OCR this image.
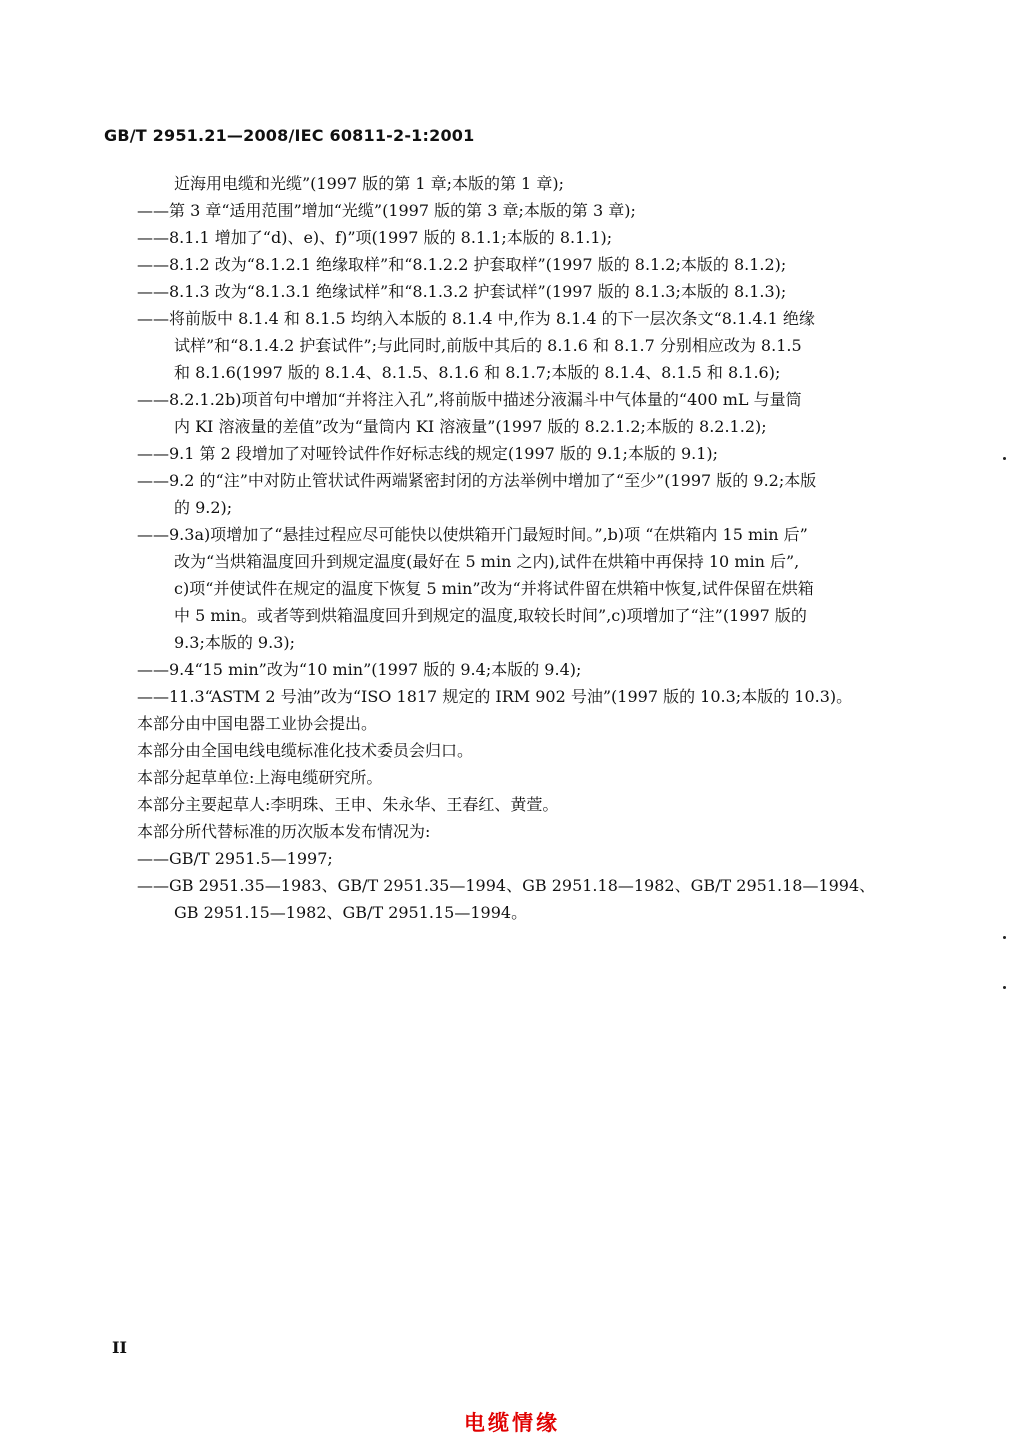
GB/T 2951.21—2008/IEC 60811-2-1:2001
近海用电缆和光缆”(1997 版的第 1 章;本版的第 1 章);
——第 3 章“适用范围”增加“光缆”(1997 版的第 3 章;本版的第 3 章);
——8.1.1 增加了“d)、e)、f)”项(1997 版的 8.1.1;本版的 8.1.1);
——8.1.2 改为“8.1.2.1 绝缘取样”和“8.1.2.2 护套取样”(1997 版的 8.1.2;本版的 8.1.2);
——8.1.3 改为“8.1.3.1 绝缘试样”和“8.1.3.2 护套试样”(1997 版的 8.1.3;本版的 8.1.3);
——将前版中 8.1.4 和 8.1.5 均纳入本版的 8.1.4 中,作为 8.1.4 的下一层次条文“8.1.4.1 绝缘
试样”和“8.1.4.2 护套试件”;与此同时,前版中其后的 8.1.6 和 8.1.7 分别相应改为 8.1.5
和 8.1.6(1997 版的 8.1.4、8.1.5、8.1.6 和 8.1.7;本版的 8.1.4、8.1.5 和 8.1.6);
——8.2.1.2b)项首句中增加“并将注入孔”,将前版中描述分液漏斗中气体量的“400 mL 与量筒
内 KI 溶液量的差值”改为“量筒内 KI 溶液量”(1997 版的 8.2.1.2;本版的 8.2.1.2);
——9.1 第 2 段增加了对哑铃试件作好标志线的规定(1997 版的 9.1;本版的 9.1);
——9.2 的“注”中对防止管状试件两端紧密封闭的方法举例中增加了“至少”(1997 版的 9.2;本版
的 9.2);
——9.3a)项增加了“悬挂过程应尽可能快以使烘箱开门最短时间。”,b)项 “在烘箱内 15 min 后”
改为“当烘箱温度回升到规定温度(最好在 5 min 之内),试件在烘箱中再保持 10 min 后”,
c)项“并使试件在规定的温度下恢复 5 min”改为“并将试件留在烘箱中恢复,试件保留在烘箱
中 5 min。或者等到烘箱温度回升到规定的温度,取较长时间”,c)项增加了“注”(1997 版的
9.3;本版的 9.3);
——9.4“15 min”改为“10 min”(1997 版的 9.4;本版的 9.4);
——11.3“ASTM 2 号油”改为“ISO 1817 规定的 IRM 902 号油”(1997 版的 10.3;本版的 10.3)。
本部分由中国电器工业协会提出。
本部分由全国电线电缆标准化技术委员会归口。
本部分起草单位:上海电缆研究所。
本部分主要起草人:李明珠、王申、朱永华、王春红、黄萱。
本部分所代替标准的历次版本发布情况为:
——GB/T 2951.5—1997;
——GB 2951.35—1983、GB/T 2951.35—1994、GB 2951.18—1982、GB/T 2951.18—1994、
GB 2951.15—1982、GB/T 2951.15—1994。
II
电缆情缘
